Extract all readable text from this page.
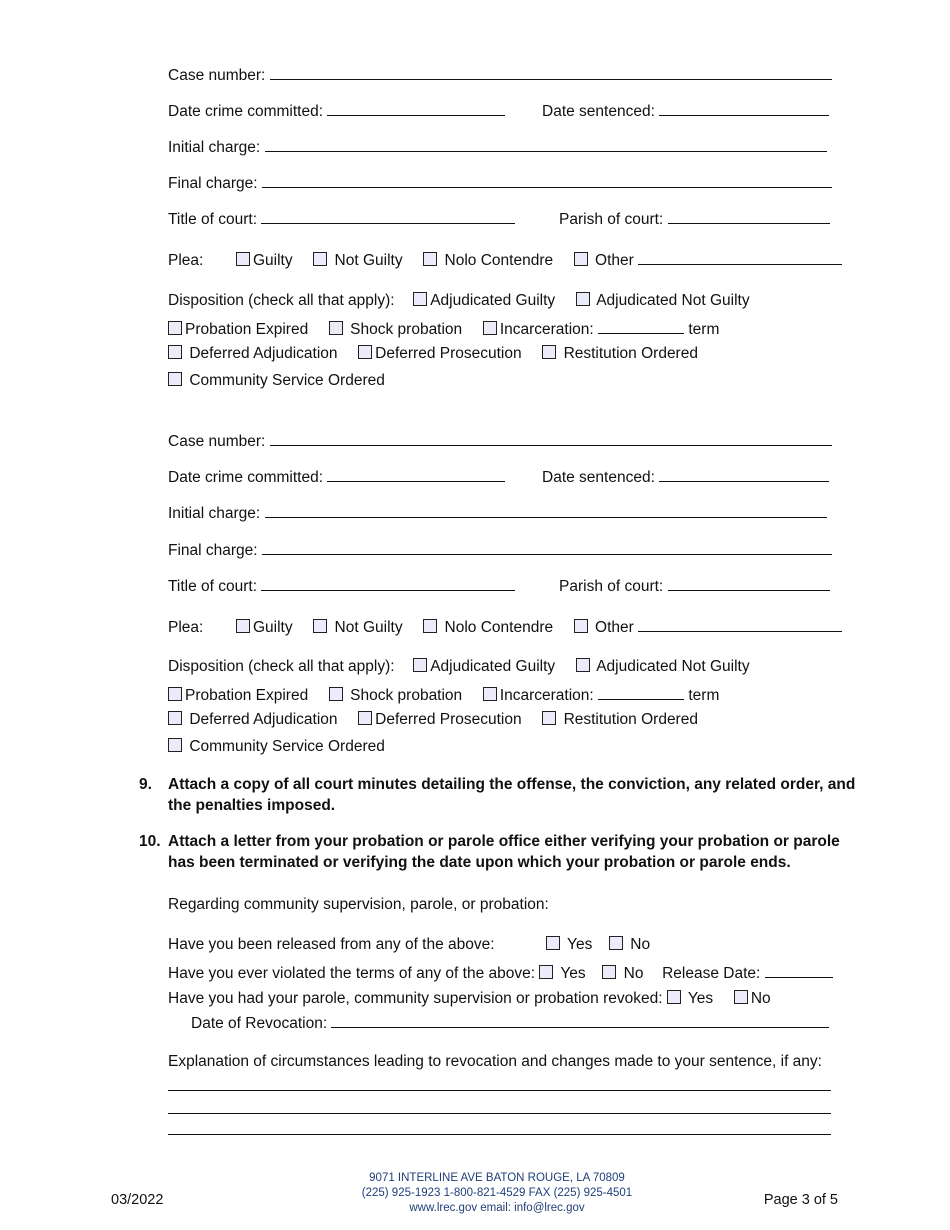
Case number:
Date crime committed:	Date sentenced:
Initial charge:
Final charge:
Title of court:	Parish of court:
Plea:	Guilty	Not Guilty	Nolo Contendre	Other
Disposition (check all that apply): Adjudicated Guilty	Adjudicated Not Guilty
Probation Expired	Shock probation Incarceration:	term
Deferred Adjudication Deferred Prosecution	Restitution Ordered
Community Service Ordered
Case number:
Date crime committed:	Date sentenced:
Initial charge:
Final charge:
Title of court:	Parish of court:
Plea:	Guilty	Not Guilty	Nolo Contendre	Other
Disposition (check all that apply): Adjudicated Guilty	Adjudicated Not Guilty
Probation Expired	Shock probation Incarceration:	term
Deferred Adjudication Deferred Prosecution	Restitution Ordered
Community Service Ordered
9. Attach a copy of all court minutes detailing the offense, the conviction, any related order, and
the penalties imposed.
10. Attach a letter from your probation or parole office either verifying your probation or parole
has been terminated or verifying the date upon which your probation or parole ends.
Regarding community supervision, parole, or probation:
Have you been released from any of the above:	Yes No
Have you ever violated the terms of any of the above: Yes No Release Date:
Have you had your parole, community supervision or probation revoked: Yes No
Date of Revocation:
Explanation of circumstances leading to revocation and changes made to your sentence, if any:
9071 INTERLINE AVE BATON ROUGE, LA 70809
(225) 925-1923 1-800-821-4529 FAX (225) 925-4501
www.lrec.gov email: info@lrec.gov
03/2022	Page 3 of 5
